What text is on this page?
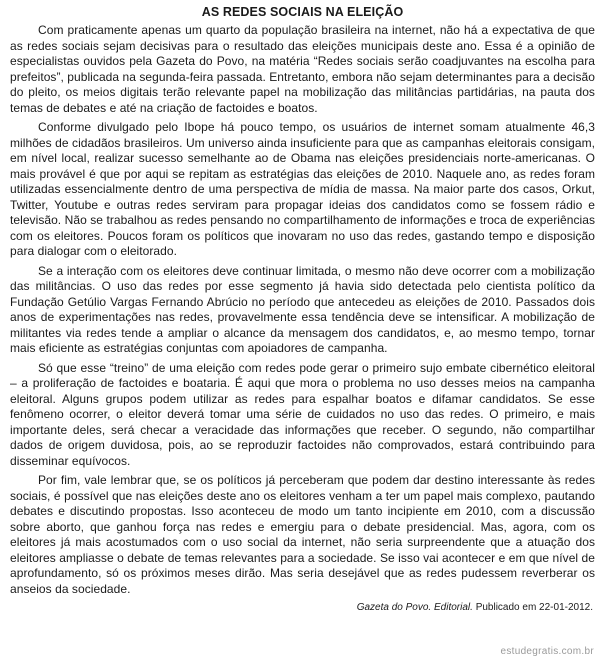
AS REDES SOCIAIS NA ELEIÇÃO

Com praticamente apenas um quarto da população brasileira na internet, não há a expectativa de que as redes sociais sejam decisivas para o resultado das eleições municipais deste ano. Essa é a opinião de especialistas ouvidos pela Gazeta do Povo, na matéria “Redes sociais serão coadjuvantes na escolha para prefeitos”, publicada na segunda-feira passada. Entretanto, embora não sejam determinantes para a decisão do pleito, os meios digitais terão relevante papel na mobilização das militâncias partidárias, na pauta dos temas de debates e até na criação de factoides e boatos.

Conforme divulgado pelo Ibope há pouco tempo, os usuários de internet somam atualmente 46,3 milhões de cidadãos brasileiros. Um universo ainda insuficiente para que as campanhas eleitorais consigam, em nível local, realizar sucesso semelhante ao de Obama nas eleições presidenciais norte-americanas. O mais provável é que por aqui se repitam as estratégias das eleições de 2010. Naquele ano, as redes foram utilizadas essencialmente dentro de uma perspectiva de mídia de massa. Na maior parte dos casos, Orkut, Twitter, Youtube e outras redes serviram para propagar ideias dos candidatos como se fossem rádio e televisão. Não se trabalhou as redes pensando no compartilhamento de informações e troca de experiências com os eleitores. Poucos foram os políticos que inovaram no uso das redes, gastando tempo e disposição para dialogar com o eleitorado.

Se a interação com os eleitores deve continuar limitada, o mesmo não deve ocorrer com a mobilização das militâncias. O uso das redes por esse segmento já havia sido detectada pelo cientista político da Fundação Getúlio Vargas Fernando Abrúcio no período que antecedeu as eleições de 2010. Passados dois anos de experimentações nas redes, provavelmente essa tendência deve se intensificar. A mobilização de militantes via redes tende a ampliar o alcance da mensagem dos candidatos, e, ao mesmo tempo, tornar mais eficiente as estratégias conjuntas com apoiadores de campanha.

Só que esse “treino” de uma eleição com redes pode gerar o primeiro sujo embate cibernético eleitoral – a proliferação de factoides e boataria. É aqui que mora o problema no uso desses meios na campanha eleitoral. Alguns grupos podem utilizar as redes para espalhar boatos e difamar candidatos. Se esse fenômeno ocorrer, o eleitor deverá tomar uma série de cuidados no uso das redes. O primeiro, e mais importante deles, será checar a veracidade das informações que receber. O segundo, não compartilhar dados de origem duvidosa, pois, ao se reproduzir factoides não comprovados, estará contribuindo para disseminar equívocos.

Por fim, vale lembrar que, se os políticos já perceberam que podem dar destino interessante às redes sociais, é possível que nas eleições deste ano os eleitores venham a ter um papel mais complexo, pautando debates e discutindo propostas. Isso aconteceu de modo um tanto incipiente em 2010, com a discussão sobre aborto, que ganhou força nas redes e emergiu para o debate presidencial. Mas, agora, com os eleitores já mais acostumados com o uso social da internet, não seria surpreendente que a atuação dos eleitores ampliasse o debate de temas relevantes para a sociedade. Se isso vai acontecer e em que nível de aprofundamento, só os próximos meses dirão. Mas seria desejável que as redes pudessem reverberar os anseios da sociedade.

Gazeta do Povo. Editorial. Publicado em 22-01-2012.
estudegratis.com.br
